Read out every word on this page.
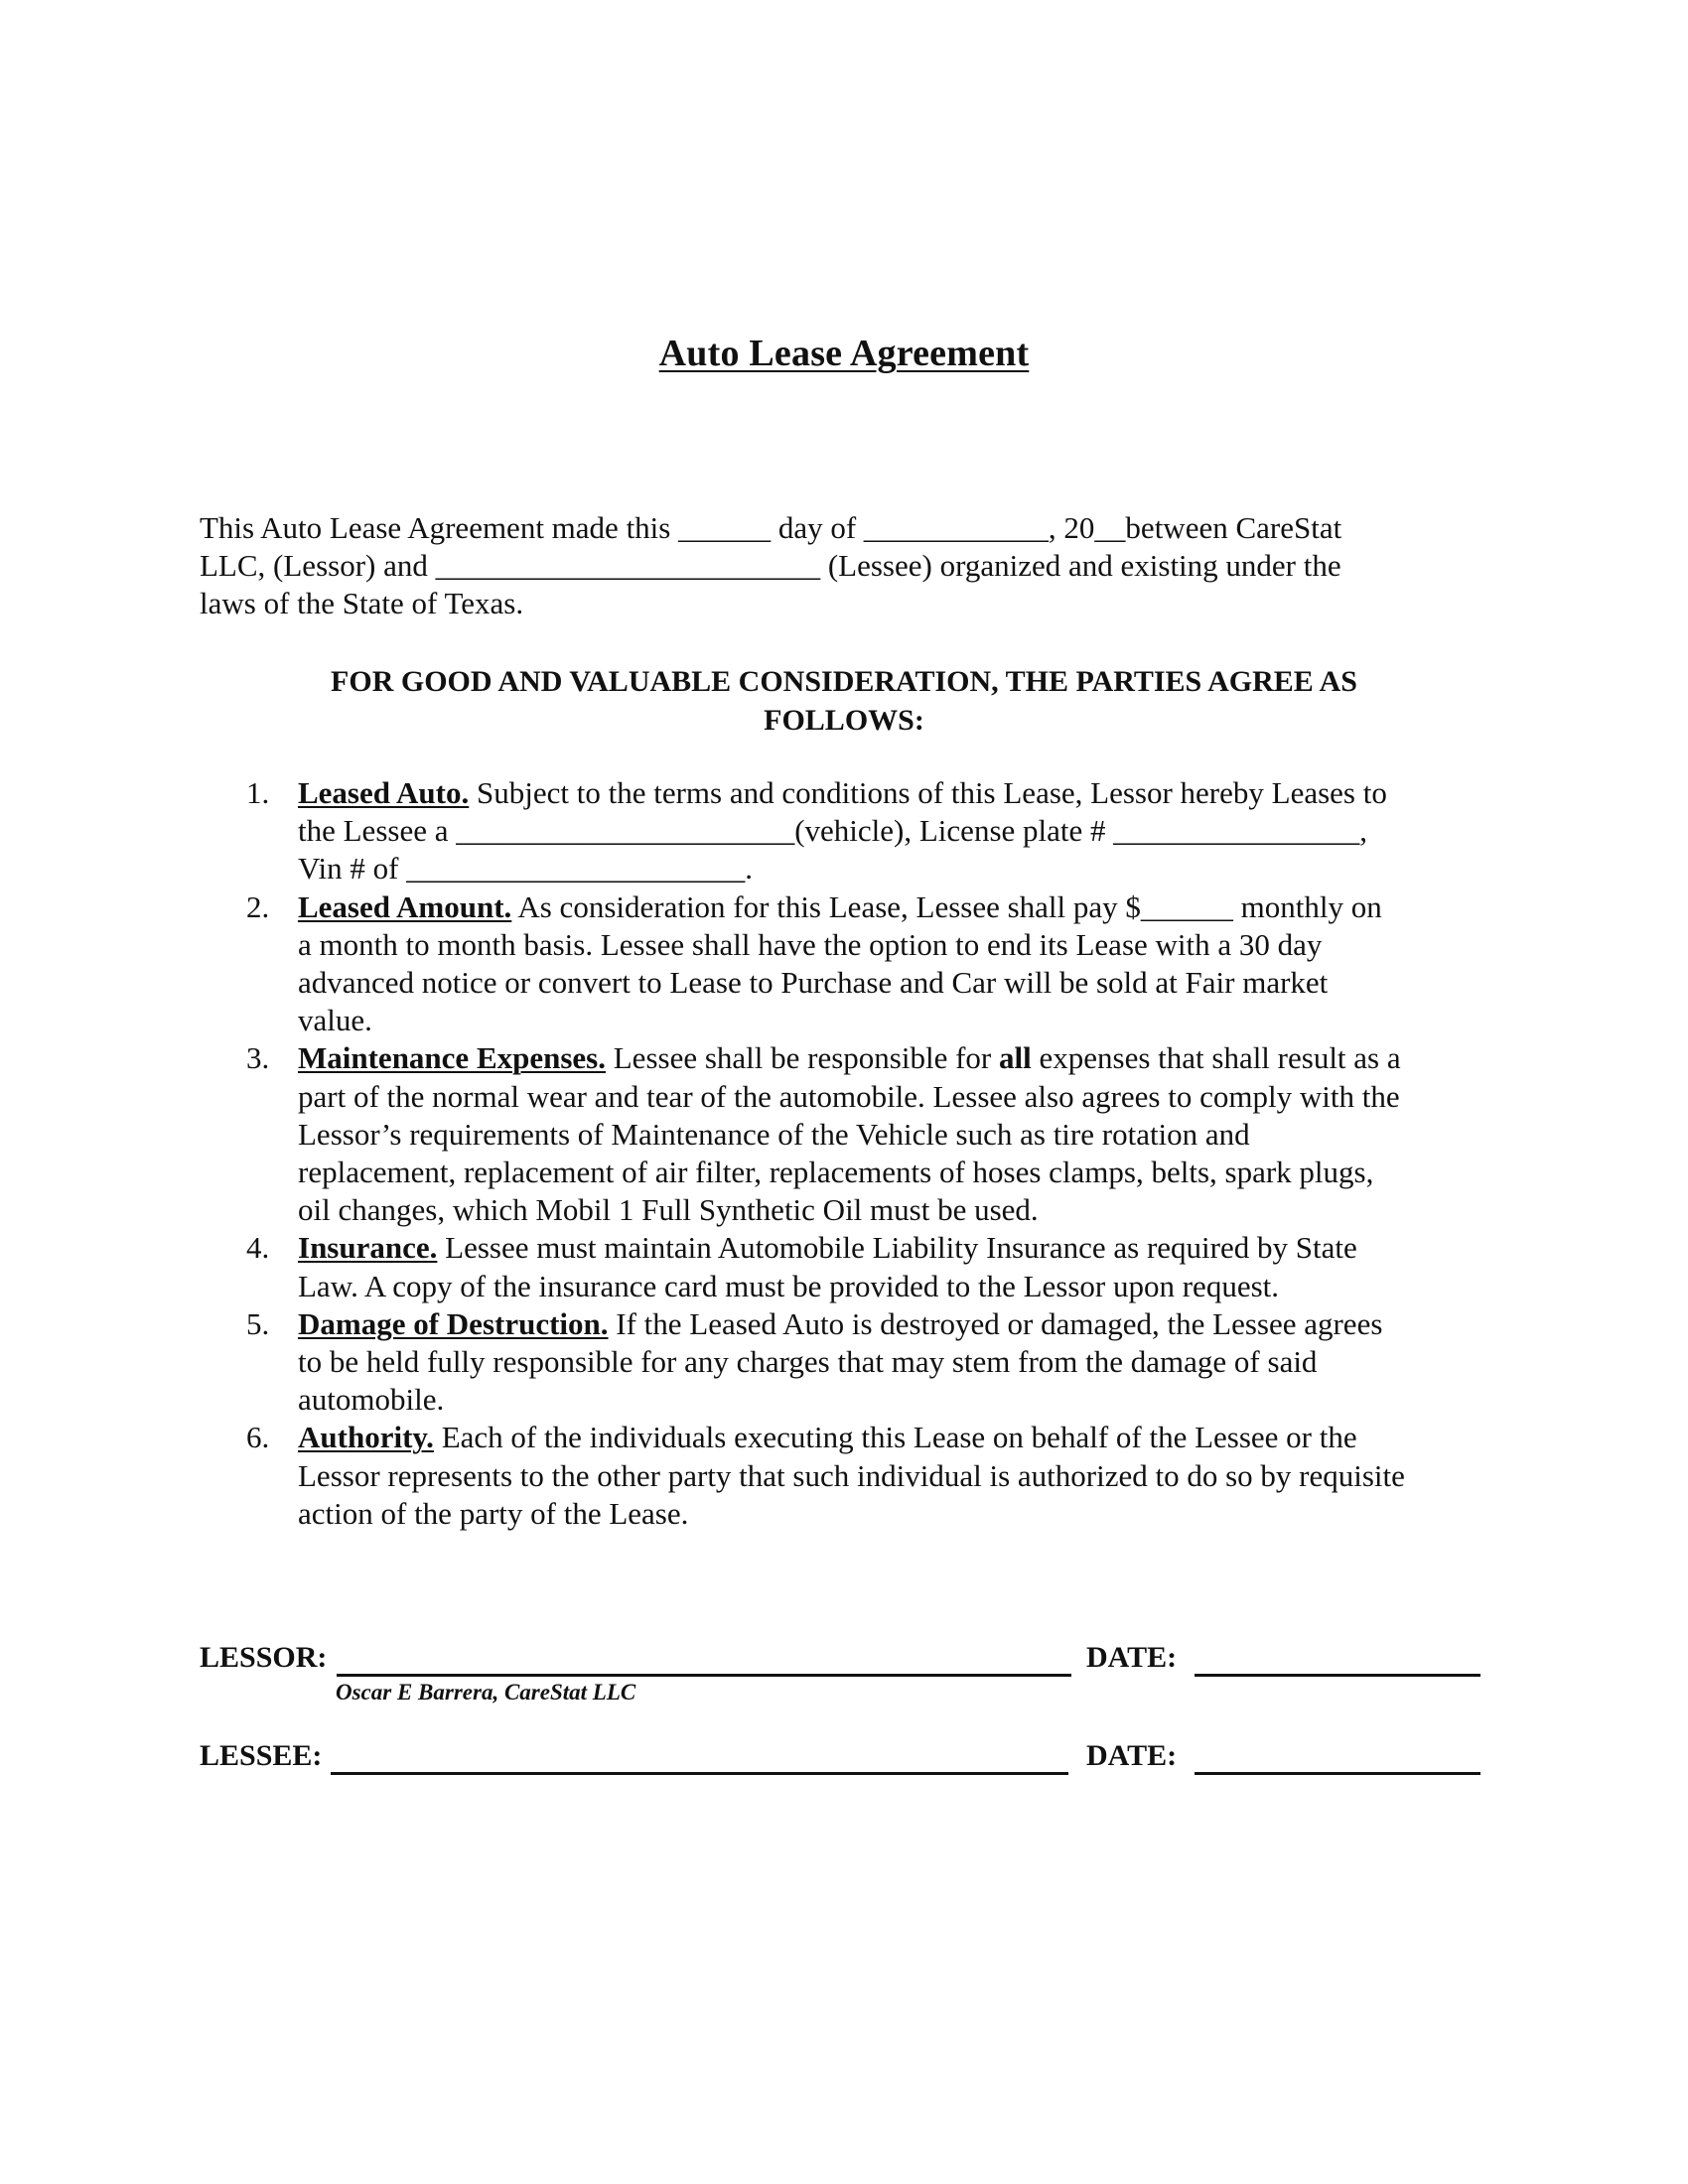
Auto Lease Agreement
This Auto Lease Agreement made this ______ day of ____________, 20__between CareStat
LLC, (Lessor) and _________________________ (Lessee) organized and existing under the
laws of the State of Texas.
FOR GOOD AND VALUABLE CONSIDERATION, THE PARTIES AGREE AS
FOLLOWS:
1. Leased Auto. Subject to the terms and conditions of this Lease, Lessor hereby Leases to
the Lessee a ______________________(vehicle), License plate # ________________,
Vin # of ______________________.
2. Leased Amount. As consideration for this Lease, Lessee shall pay $______ monthly on
a month to month basis. Lessee shall have the option to end its Lease with a 30 day
advanced notice or convert to Lease to Purchase and Car will be sold at Fair market
value.
3. Maintenance Expenses. Lessee shall be responsible for all expenses that shall result as a
part of the normal wear and tear of the automobile. Lessee also agrees to comply with the
Lessor’s requirements of Maintenance of the Vehicle such as tire rotation and
replacement, replacement of air filter, replacements of hoses clamps, belts, spark plugs,
oil changes, which Mobil 1 Full Synthetic Oil must be used.
4. Insurance. Lessee must maintain Automobile Liability Insurance as required by State
Law. A copy of the insurance card must be provided to the Lessor upon request.
5. Damage of Destruction. If the Leased Auto is destroyed or damaged, the Lessee agrees
to be held fully responsible for any charges that may stem from the damage of said
automobile.
6. Authority. Each of the individuals executing this Lease on behalf of the Lessee or the
Lessor represents to the other party that such individual is authorized to do so by requisite
action of the party of the Lease.
LESSOR:	DATE:
Oscar E Barrera, CareStat LLC
LESSEE:	DATE:
